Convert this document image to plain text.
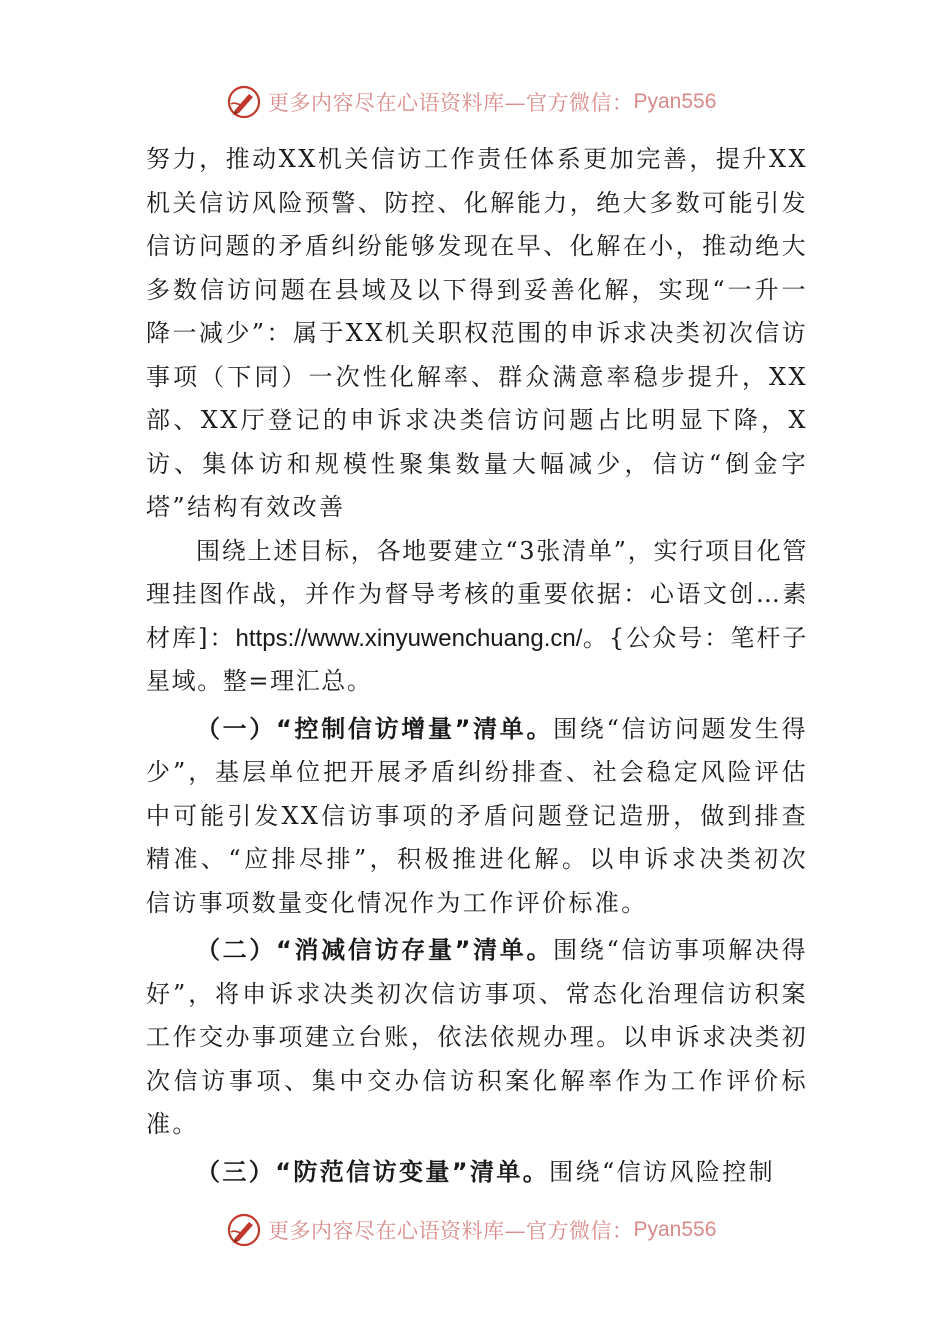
更多内容尽在心语资料库—官方微信： Pyan556

努力，推动XX机关信访工作责任体系更加完善，提升XX机关信访风险预警、防控、化解能力，绝大多数可能引发信访问题的矛盾纠纷能够发现在早、化解在小，推动绝大多数信访问题在县域及以下得到妥善化解，实现“一升一降一减少”：属于XX机关职权范围的申诉求决类初次信访事项（下同）一次性化解率、群众满意率稳步提升，XX部、XX厅登记的申诉求决类信访问题占比明显下降，X访、集体访和规模性聚集数量大幅减少，信访“倒金字塔”结构有效改善

围绕上述目标，各地要建立“3张清单”，实行项目化管理挂图作战，并作为督导考核的重要依据：心语文创…素材库]：https://www.xinyuwenchuang.cn/。{公众号：笔杆子星域。整=理汇总。

（一）“控制信访增量”清单。围绕“信访问题发生得少”，基层单位把开展矛盾纠纷排查、社会稳定风险评估中可能引发XX信访事项的矛盾问题登记造册，做到排查精准、“应排尽排”，积极推进化解。以申诉求决类初次信访事项数量变化情况作为工作评价标准。

（二）“消减信访存量”清单。围绕“信访事项解决得好”，将申诉求决类初次信访事项、常态化治理信访积案工作交办事项建立台账，依法依规办理。以申诉求决类初次信访事项、集中交办信访积案化解率作为工作评价标准。

（三）“防范信访变量”清单。围绕“信访风险控制

更多内容尽在心语资料库—官方微信： Pyan556
